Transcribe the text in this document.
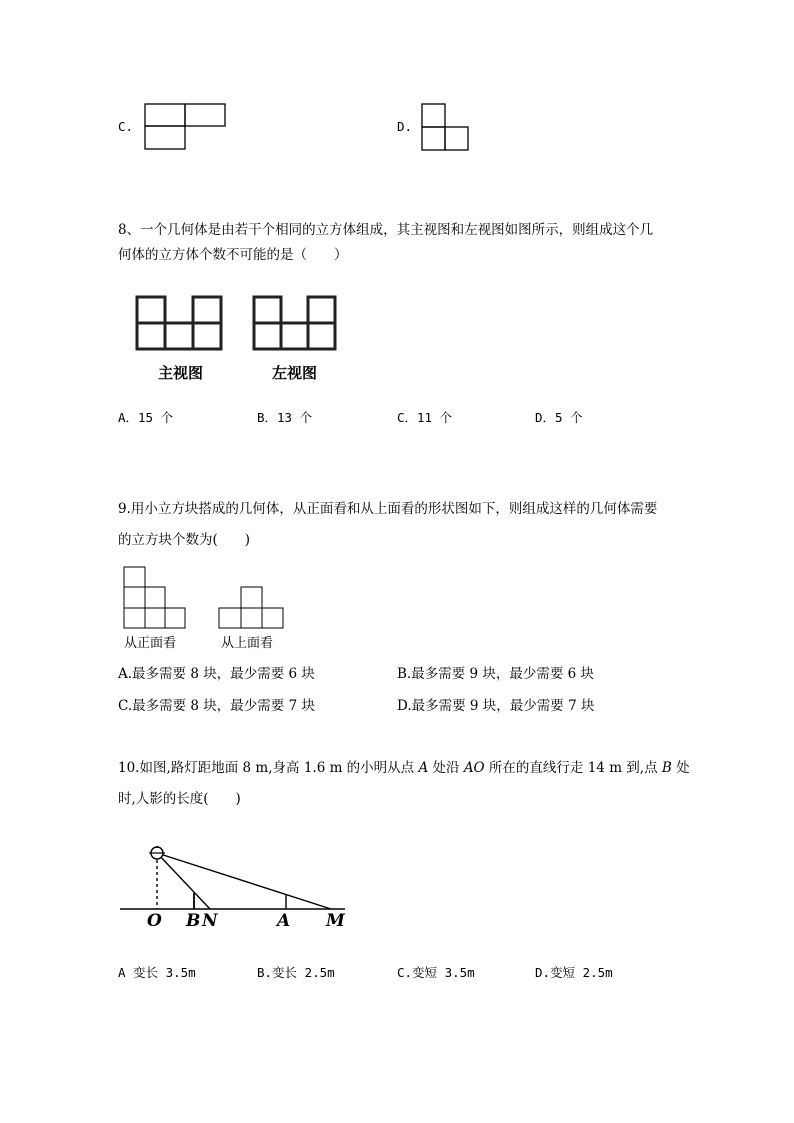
C.	D.
8、一个几何体是由若干个相同的立方体组成，其主视图和左视图如图所示，则组成这个几
何体的立方体个数不可能的是（　　）
主视图	左视图
A．15 个	B．13 个	C．11 个	D．5 个
9.用小立方块搭成的几何体，从正面看和从上面看的形状图如下，则组成这样的几何体需要
的立方块个数为(　　)
从正面看	从上面看
A.最多需要 8 块，最少需要 6 块	B.最多需要 9 块，最少需要 6 块
C.最多需要 8 块，最少需要 7 块	D.最多需要 9 块，最少需要 7 块
10.如图,路灯距地面 8 m,身高 1.6 m 的小明从点 A 处沿 AO 所在的直线行走 14 m 到,点 B 处
时,人影的长度(　　)
O B N	A M
A 变长 3.5m	B.变长 2.5m	C.变短 3.5m	D.变短 2.5m
